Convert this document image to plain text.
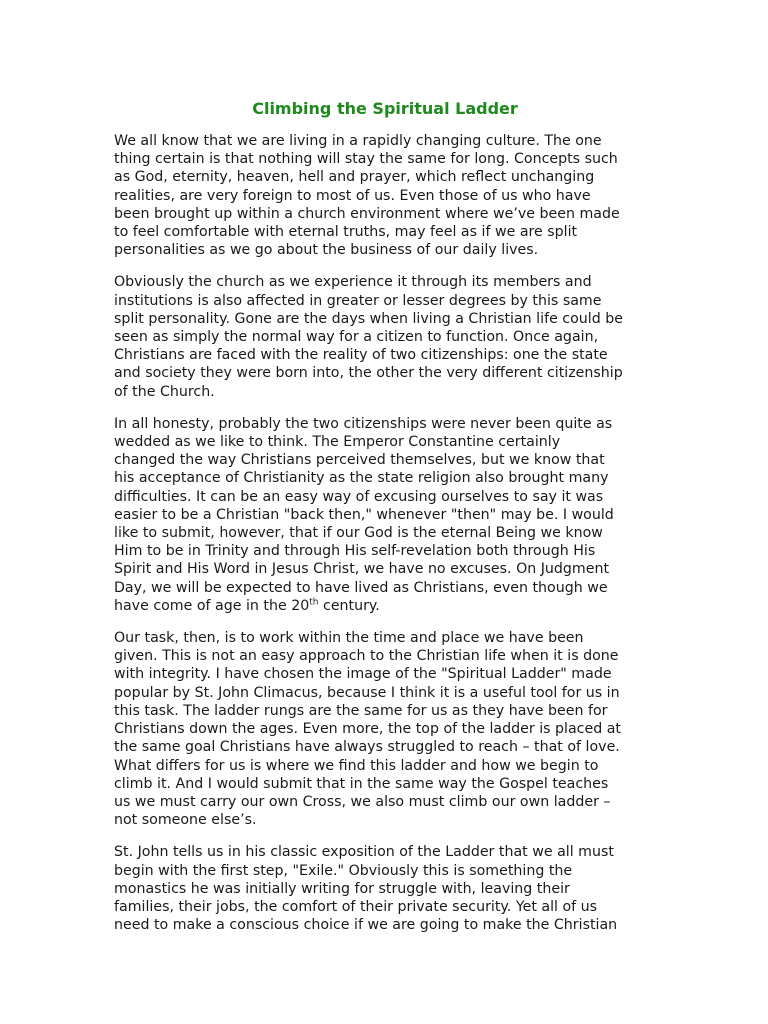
Climbing the Spiritual Ladder
We all know that we are living in a rapidly changing culture. The one
thing certain is that nothing will stay the same for long. Concepts such
as God, eternity, heaven, hell and prayer, which reflect unchanging
realities, are very foreign to most of us. Even those of us who have
been brought up within a church environment where we’ve been made
to feel comfortable with eternal truths, may feel as if we are split
personalities as we go about the business of our daily lives.
Obviously the church as we experience it through its members and
institutions is also affected in greater or lesser degrees by this same
split personality. Gone are the days when living a Christian life could be
seen as simply the normal way for a citizen to function. Once again,
Christians are faced with the reality of two citizenships: one the state
and society they were born into, the other the very different citizenship
of the Church.
In all honesty, probably the two citizenships were never been quite as
wedded as we like to think. The Emperor Constantine certainly
changed the way Christians perceived themselves, but we know that
his acceptance of Christianity as the state religion also brought many
difficulties. It can be an easy way of excusing ourselves to say it was
easier to be a Christian "back then," whenever "then" may be. I would
like to submit, however, that if our God is the eternal Being we know
Him to be in Trinity and through His self-revelation both through His
Spirit and His Word in Jesus Christ, we have no excuses. On Judgment
Day, we will be expected to have lived as Christians, even though we
have come of age in the 20th century.
Our task, then, is to work within the time and place we have been
given. This is not an easy approach to the Christian life when it is done
with integrity. I have chosen the image of the "Spiritual Ladder" made
popular by St. John Climacus, because I think it is a useful tool for us in
this task. The ladder rungs are the same for us as they have been for
Christians down the ages. Even more, the top of the ladder is placed at
the same goal Christians have always struggled to reach – that of love.
What differs for us is where we find this ladder and how we begin to
climb it. And I would submit that in the same way the Gospel teaches
us we must carry our own Cross, we also must climb our own ladder –
not someone else’s.
St. John tells us in his classic exposition of the Ladder that we all must
begin with the first step, "Exile." Obviously this is something the
monastics he was initially writing for struggle with, leaving their
families, their jobs, the comfort of their private security. Yet all of us
need to make a conscious choice if we are going to make the Christian
